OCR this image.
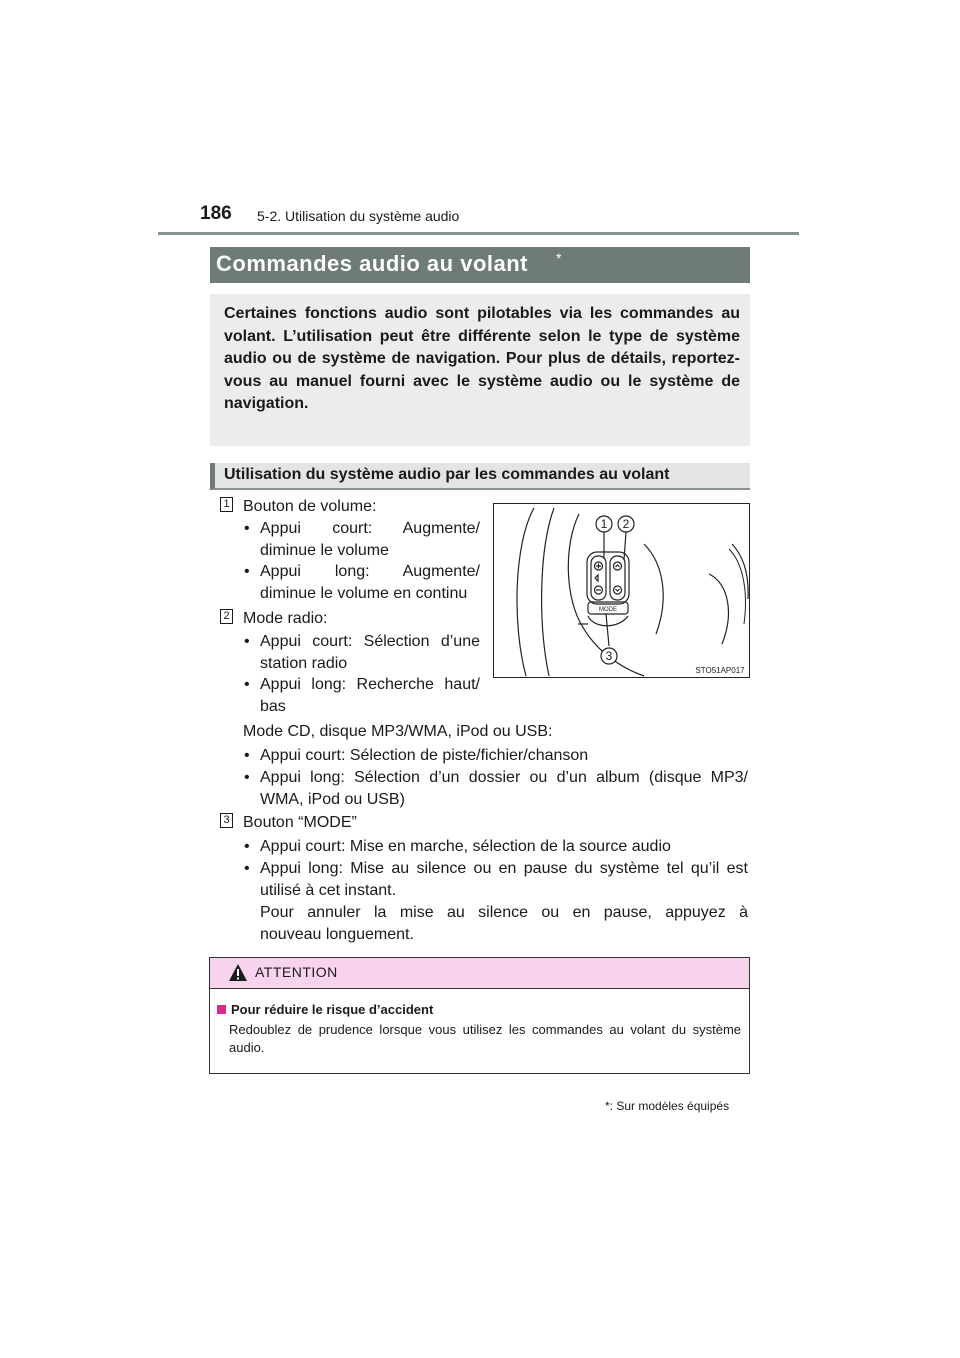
186 5-2. Utilisation du système audio
Commandes audio au volant *

Certaines fonctions audio sont pilotables via les commandes au volant. L’utilisation peut être différente selon le type de système audio ou de système de navigation. Pour plus de détails, reportez-vous au manuel fourni avec le système audio ou le système de navigation.

Utilisation du système audio par les commandes au volant
1 Bouton de volume:
• Appui court: Augmente/
diminue le volume
• Appui long: Augmente/
diminue le volume en continu
2 Mode radio:
• Appui court: Sélection d’une
station radio
• Appui long: Recherche haut/
bas
Mode CD, disque MP3/WMA, iPod ou USB:
• Appui court: Sélection de piste/fichier/chanson
• Appui long: Sélection d’un dossier ou d’un album (disque MP3/
WMA, iPod ou USB)
3 Bouton “MODE”
• Appui court: Mise en marche, sélection de la source audio
• Appui long: Mise au silence ou en pause du système tel qu’il est
utilisé à cet instant.
Pour annuler la mise au silence ou en pause, appuyez à
nouveau longuement.
1 2
3
MODE
STO51AP017
ATTENTION
Pour réduire le risque d’accident
Redoublez de prudence lorsque vous utilisez les commandes au volant du système audio.
*: Sur modèles équipés
